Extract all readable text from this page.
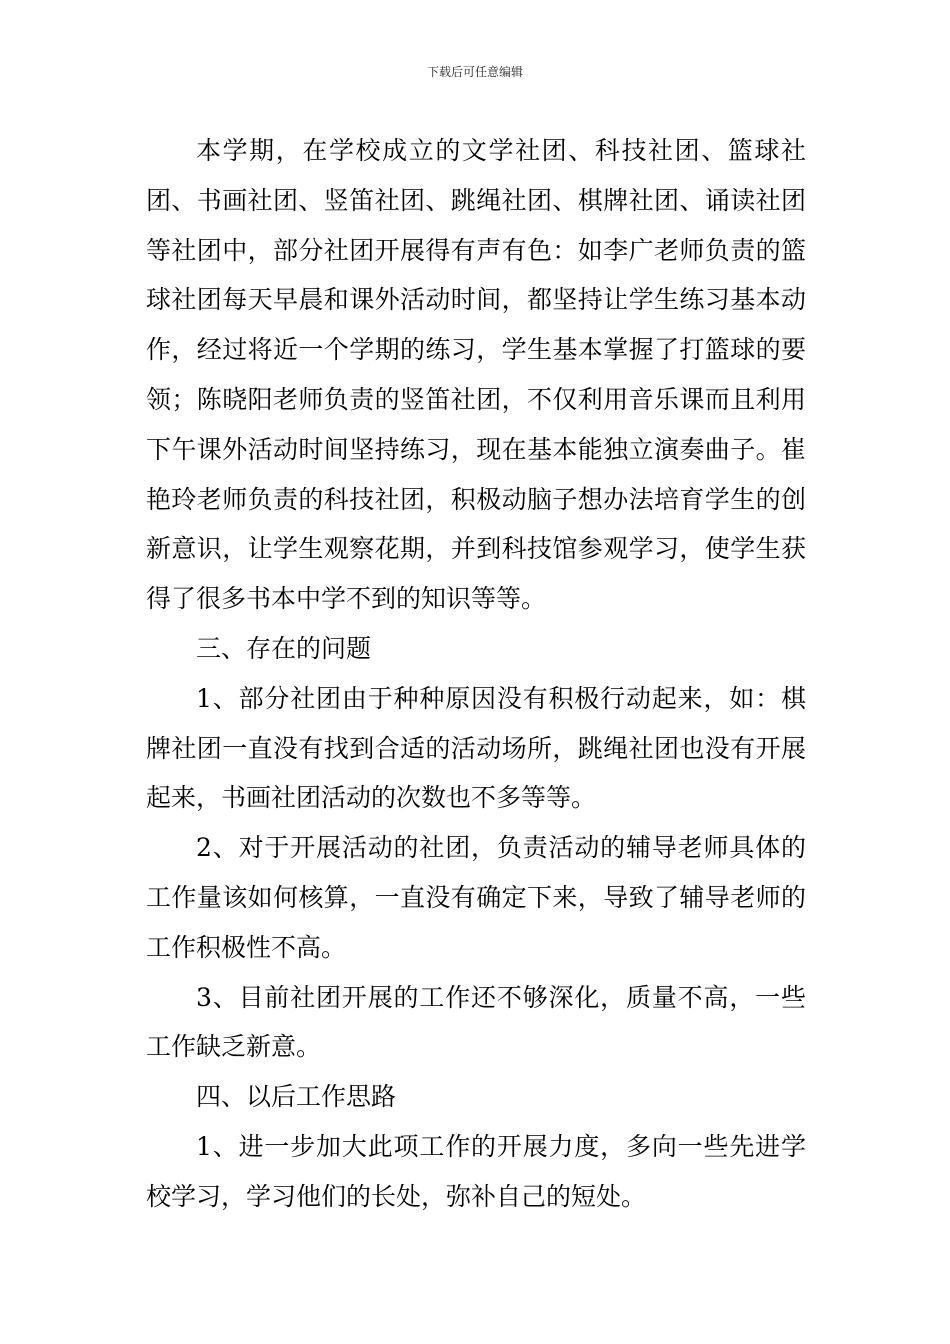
下载后可任意编辑

本学期，在学校成立的文学社团、科技社团、篮球社团、书画社团、竖笛社团、跳绳社团、棋牌社团、诵读社团等社团中，部分社团开展得有声有色：如李广老师负责的篮球社团每天早晨和课外活动时间，都坚持让学生练习基本动作，经过将近一个学期的练习，学生基本掌握了打篮球的要领；陈晓阳老师负责的竖笛社团，不仅利用音乐课而且利用下午课外活动时间坚持练习，现在基本能独立演奏曲子。崔艳玲老师负责的科技社团，积极动脑子想办法培育学生的创新意识，让学生观察花期，并到科技馆参观学习，使学生获得了很多书本中学不到的知识等等。

三、存在的问题

1、部分社团由于种种原因没有积极行动起来，如：棋牌社团一直没有找到合适的活动场所，跳绳社团也没有开展起来，书画社团活动的次数也不多等等。

2、对于开展活动的社团，负责活动的辅导老师具体的工作量该如何核算，一直没有确定下来，导致了辅导老师的工作积极性不高。

3、目前社团开展的工作还不够深化，质量不高，一些工作缺乏新意。

四、以后工作思路

1、进一步加大此项工作的开展力度，多向一些先进学校学习，学习他们的长处，弥补自己的短处。
